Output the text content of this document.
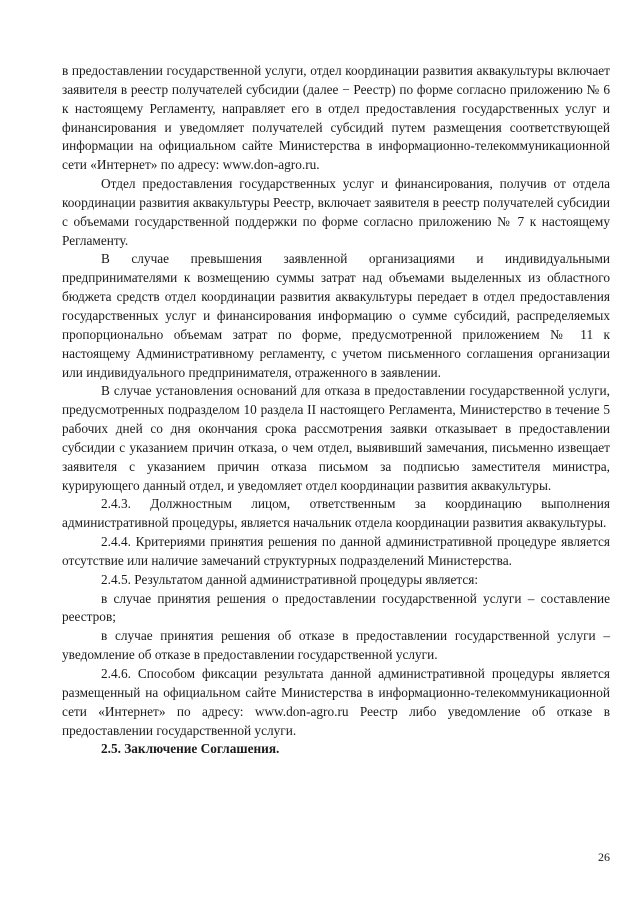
в предоставлении государственной услуги, отдел координации развития аквакультуры включает заявителя в реестр получателей субсидии (далее − Реестр) по форме согласно приложению № 6 к настоящему Регламенту, направляет его в отдел предоставления государственных услуг и финансирования и уведомляет получателей субсидий путем размещения соответствующей информации на официальном сайте Министерства в информационно-телекоммуникационной сети «Интернет» по адресу: www.don-agro.ru.

Отдел предоставления государственных услуг и финансирования, получив от отдела координации развития аквакультуры Реестр, включает заявителя в реестр получателей субсидии с объемами государственной поддержки по форме согласно приложению № 7 к настоящему Регламенту.

В случае превышения заявленной организациями и индивидуальными предпринимателями к возмещению суммы затрат над объемами выделенных из областного бюджета средств отдел координации развития аквакультуры передает в отдел предоставления государственных услуг и финансирования информацию о сумме субсидий, распределяемых пропорционально объемам затрат по форме, предусмотренной приложением № 11 к настоящему Административному регламенту, с учетом письменного соглашения организации или индивидуального предпринимателя, отраженного в заявлении.

В случае установления оснований для отказа в предоставлении государственной услуги, предусмотренных подразделом 10 раздела II настоящего Регламента, Министерство в течение 5 рабочих дней со дня окончания срока рассмотрения заявки отказывает в предоставлении субсидии с указанием причин отказа, о чем отдел, выявивший замечания, письменно извещает заявителя с указанием причин отказа письмом за подписью заместителя министра, курирующего данный отдел, и уведомляет отдел координации развития аквакультуры.

2.4.3. Должностным лицом, ответственным за координацию выполнения административной процедуры, является начальник отдела координации развития аквакультуры.

2.4.4. Критериями принятия решения по данной административной процедуре является отсутствие или наличие замечаний структурных подразделений Министерства.

2.4.5. Результатом данной административной процедуры является:

в случае принятия решения о предоставлении государственной услуги – составление реестров;

в случае принятия решения об отказе в предоставлении государственной услуги – уведомление об отказе в предоставлении государственной услуги.

2.4.6. Способом фиксации результата данной административной процедуры является размещенный на официальном сайте Министерства в информационно-телекоммуникационной сети «Интернет» по адресу: www.don-agro.ru Реестр либо уведомление об отказе в предоставлении государственной услуги.

2.5. Заключение Соглашения.

26
